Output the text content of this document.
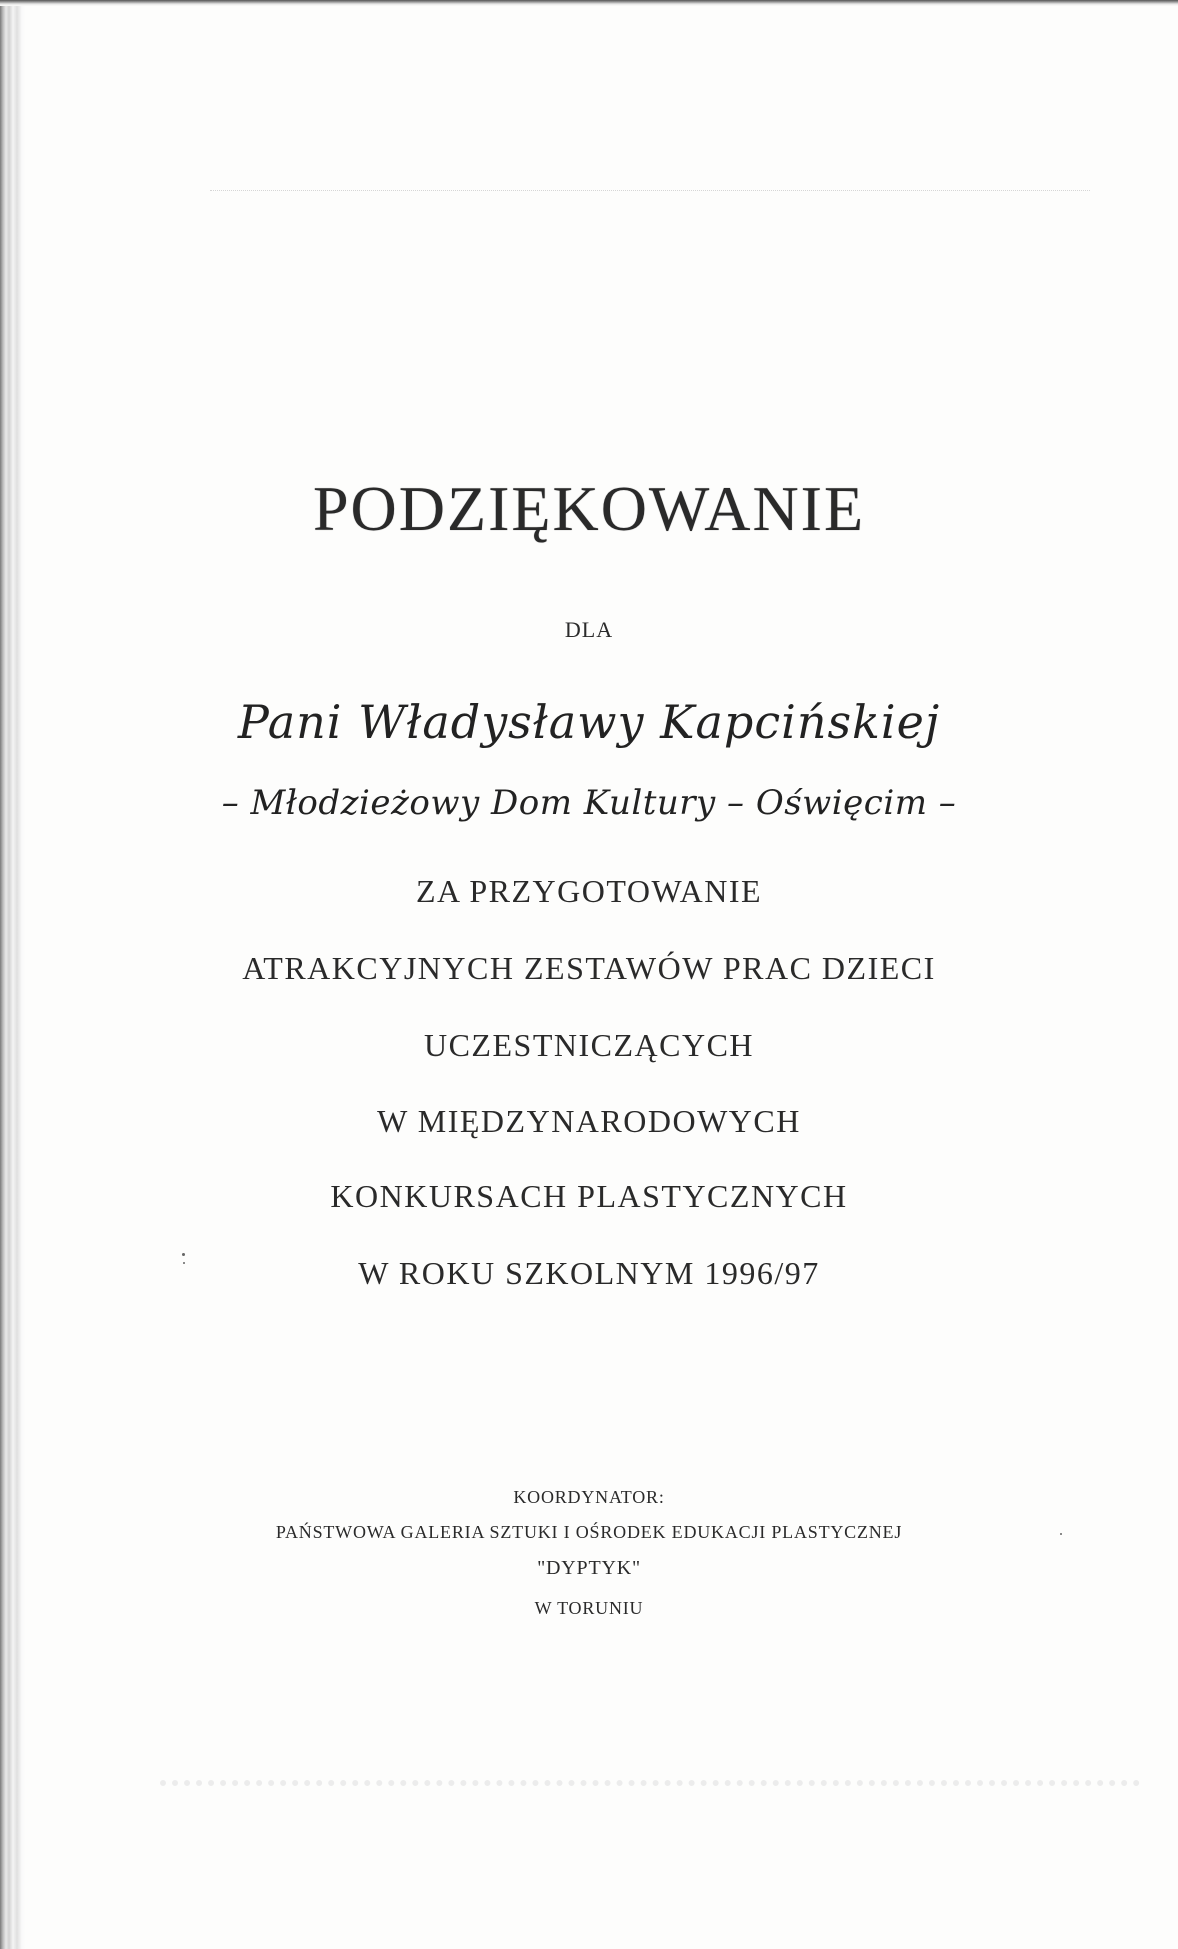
PODZIĘKOWANIE
DLA
Pani Władysławy Kapcińskiej
– Młodzieżowy Dom Kultury – Oświęcim –
ZA PRZYGOTOWANIE
ATRAKCYJNYCH ZESTAWÓW PRAC DZIECI
UCZESTNICZĄCYCH
W MIĘDZYNARODOWYCH
KONKURSACH PLASTYCZNYCH
W ROKU SZKOLNYM 1996/97
KOORDYNATOR:
PAŃSTWOWA GALERIA SZTUKI I OŚRODEK EDUKACJI PLASTYCZNEJ
"DYPTYK"
W TORUNIU
